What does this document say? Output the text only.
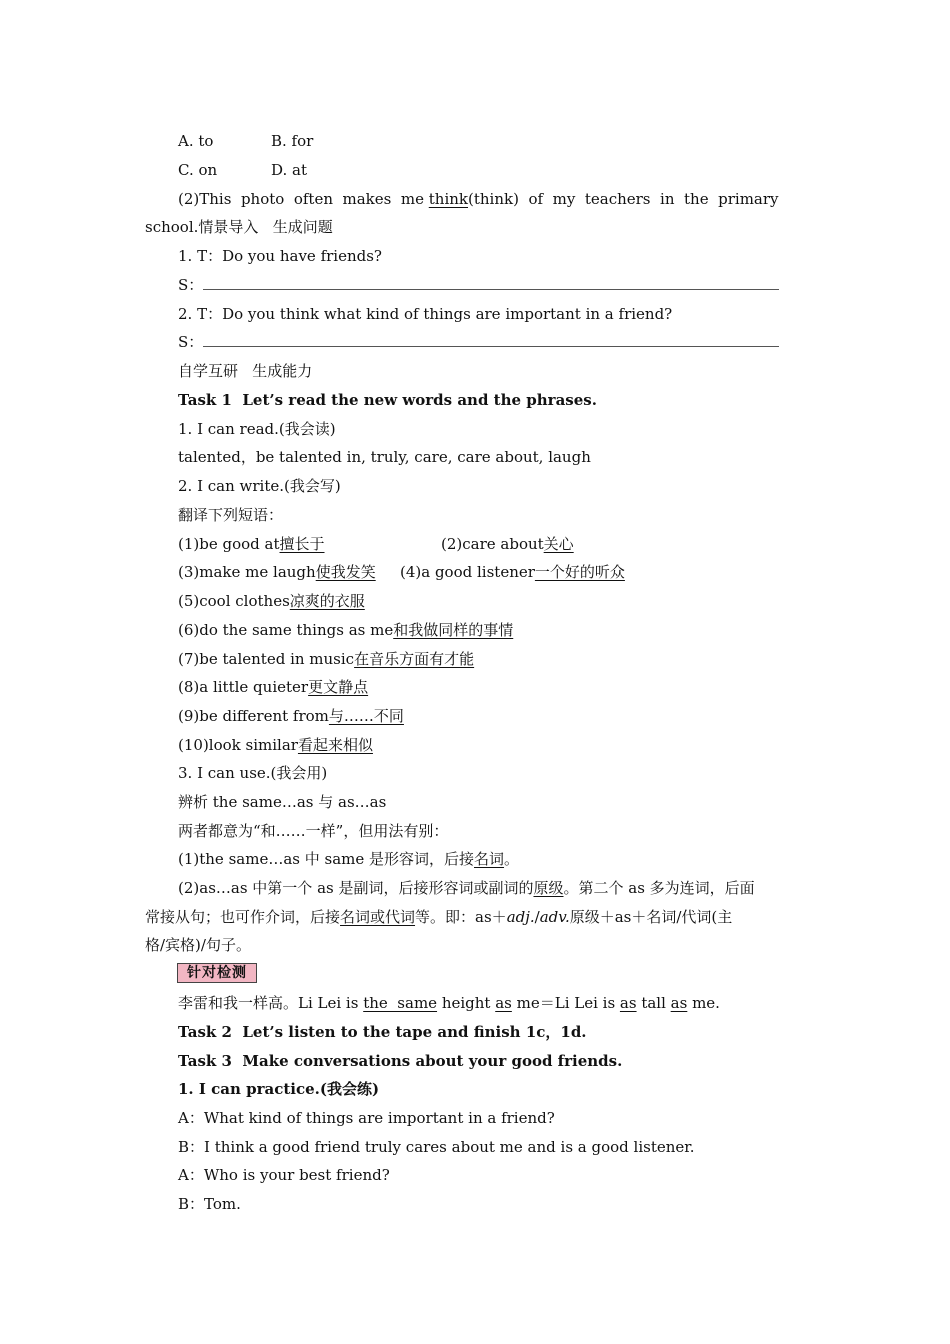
A. to	B. for
C. on	D. at
(2)This  photo  often  makes  me think(think)  of  my  teachers  in  the  primary
school.情景导入   生成问题
1. T：Do you have friends?
S：
2. T：Do you think what kind of things are important in a friend?
S：
自学互研   生成能力
Task 1  Let’s read the new words and the phrases.
1. I can read.(我会读)
talented，be talented in, truly, care, care about, laugh
2. I can write.(我会写)
翻译下列短语：
(1)be good at擅长于	(2)care about关心
(3)make me laugh使我发笑 (4)a good listener一个好的听众
(5)cool clothes凉爽的衣服
(6)do the same things as me和我做同样的事情
(7)be talented in music在音乐方面有才能
(8)a little quieter更文静点
(9)be different from与……不同
(10)look similar看起来相似
3. I can use.(我会用)
辨析 the same…as 与 as…as
两者都意为“和……一样”，但用法有别：
(1)the same…as 中 same 是形容词，后接名词。
(2)as…as 中第一个 as 是副词，后接形容词或副词的原级。第二个 as 多为连词，后面
常接从句；也可作介词，后接名词或代词等。即：as＋adj./adv.原级＋as＋名词/代词(主
格/宾格)/句子。
针对检测
李雷和我一样高。Li Lei is the  same height as me＝Li Lei is as tall as me.
Task 2  Let’s listen to the tape and finish 1c，1d.
Task 3  Make conversations about your good friends.
1. I can practice.(我会练)
A：What kind of things are important in a friend?
B：I think a good friend truly cares about me and is a good listener.
A：Who is your best friend?
B：Tom.
